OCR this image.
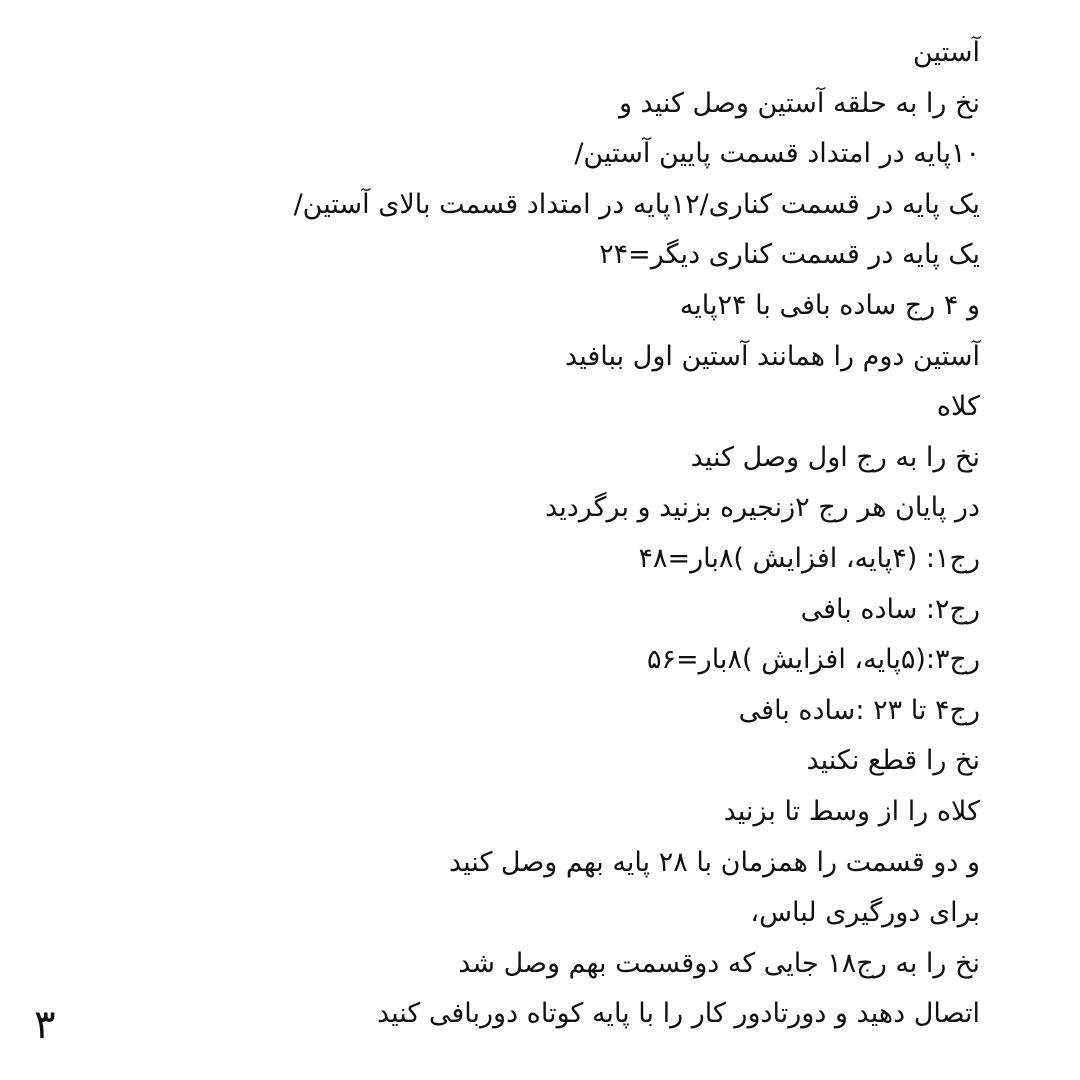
آستین
نخ را به حلقه آستین وصل کنید و
۱۰پایه در امتداد قسمت پایین آستین/
یک پایه در قسمت کناری/۱۲پایه در امتداد قسمت بالای آستین/
یک پایه در قسمت کناری دیگر=۲۴
و ۴ رج ساده بافی با ۲۴پایه
آستین دوم را همانند آستین اول ببافید
کلاه
نخ را به رج اول وصل کنید
در پایان هر رج ۲زنجیره بزنید و برگردید
رج۱: (۴پایه، افزایش )۸بار=۴۸
رج۲: ساده بافی
رج۳:(۵پایه، افزایش )۸بار=۵۶
رج۴ تا ۲۳ :ساده بافی
نخ را قطع نکنید
کلاه را از وسط تا بزنید
و دو قسمت را همزمان با ۲۸ پایه بهم وصل کنید
برای دورگیری لباس،
نخ را به رج۱۸ جایی که دوقسمت بهم وصل شد
اتصال دهید و دورتادور کار را با پایه کوتاه دوربافی کنید
۳
